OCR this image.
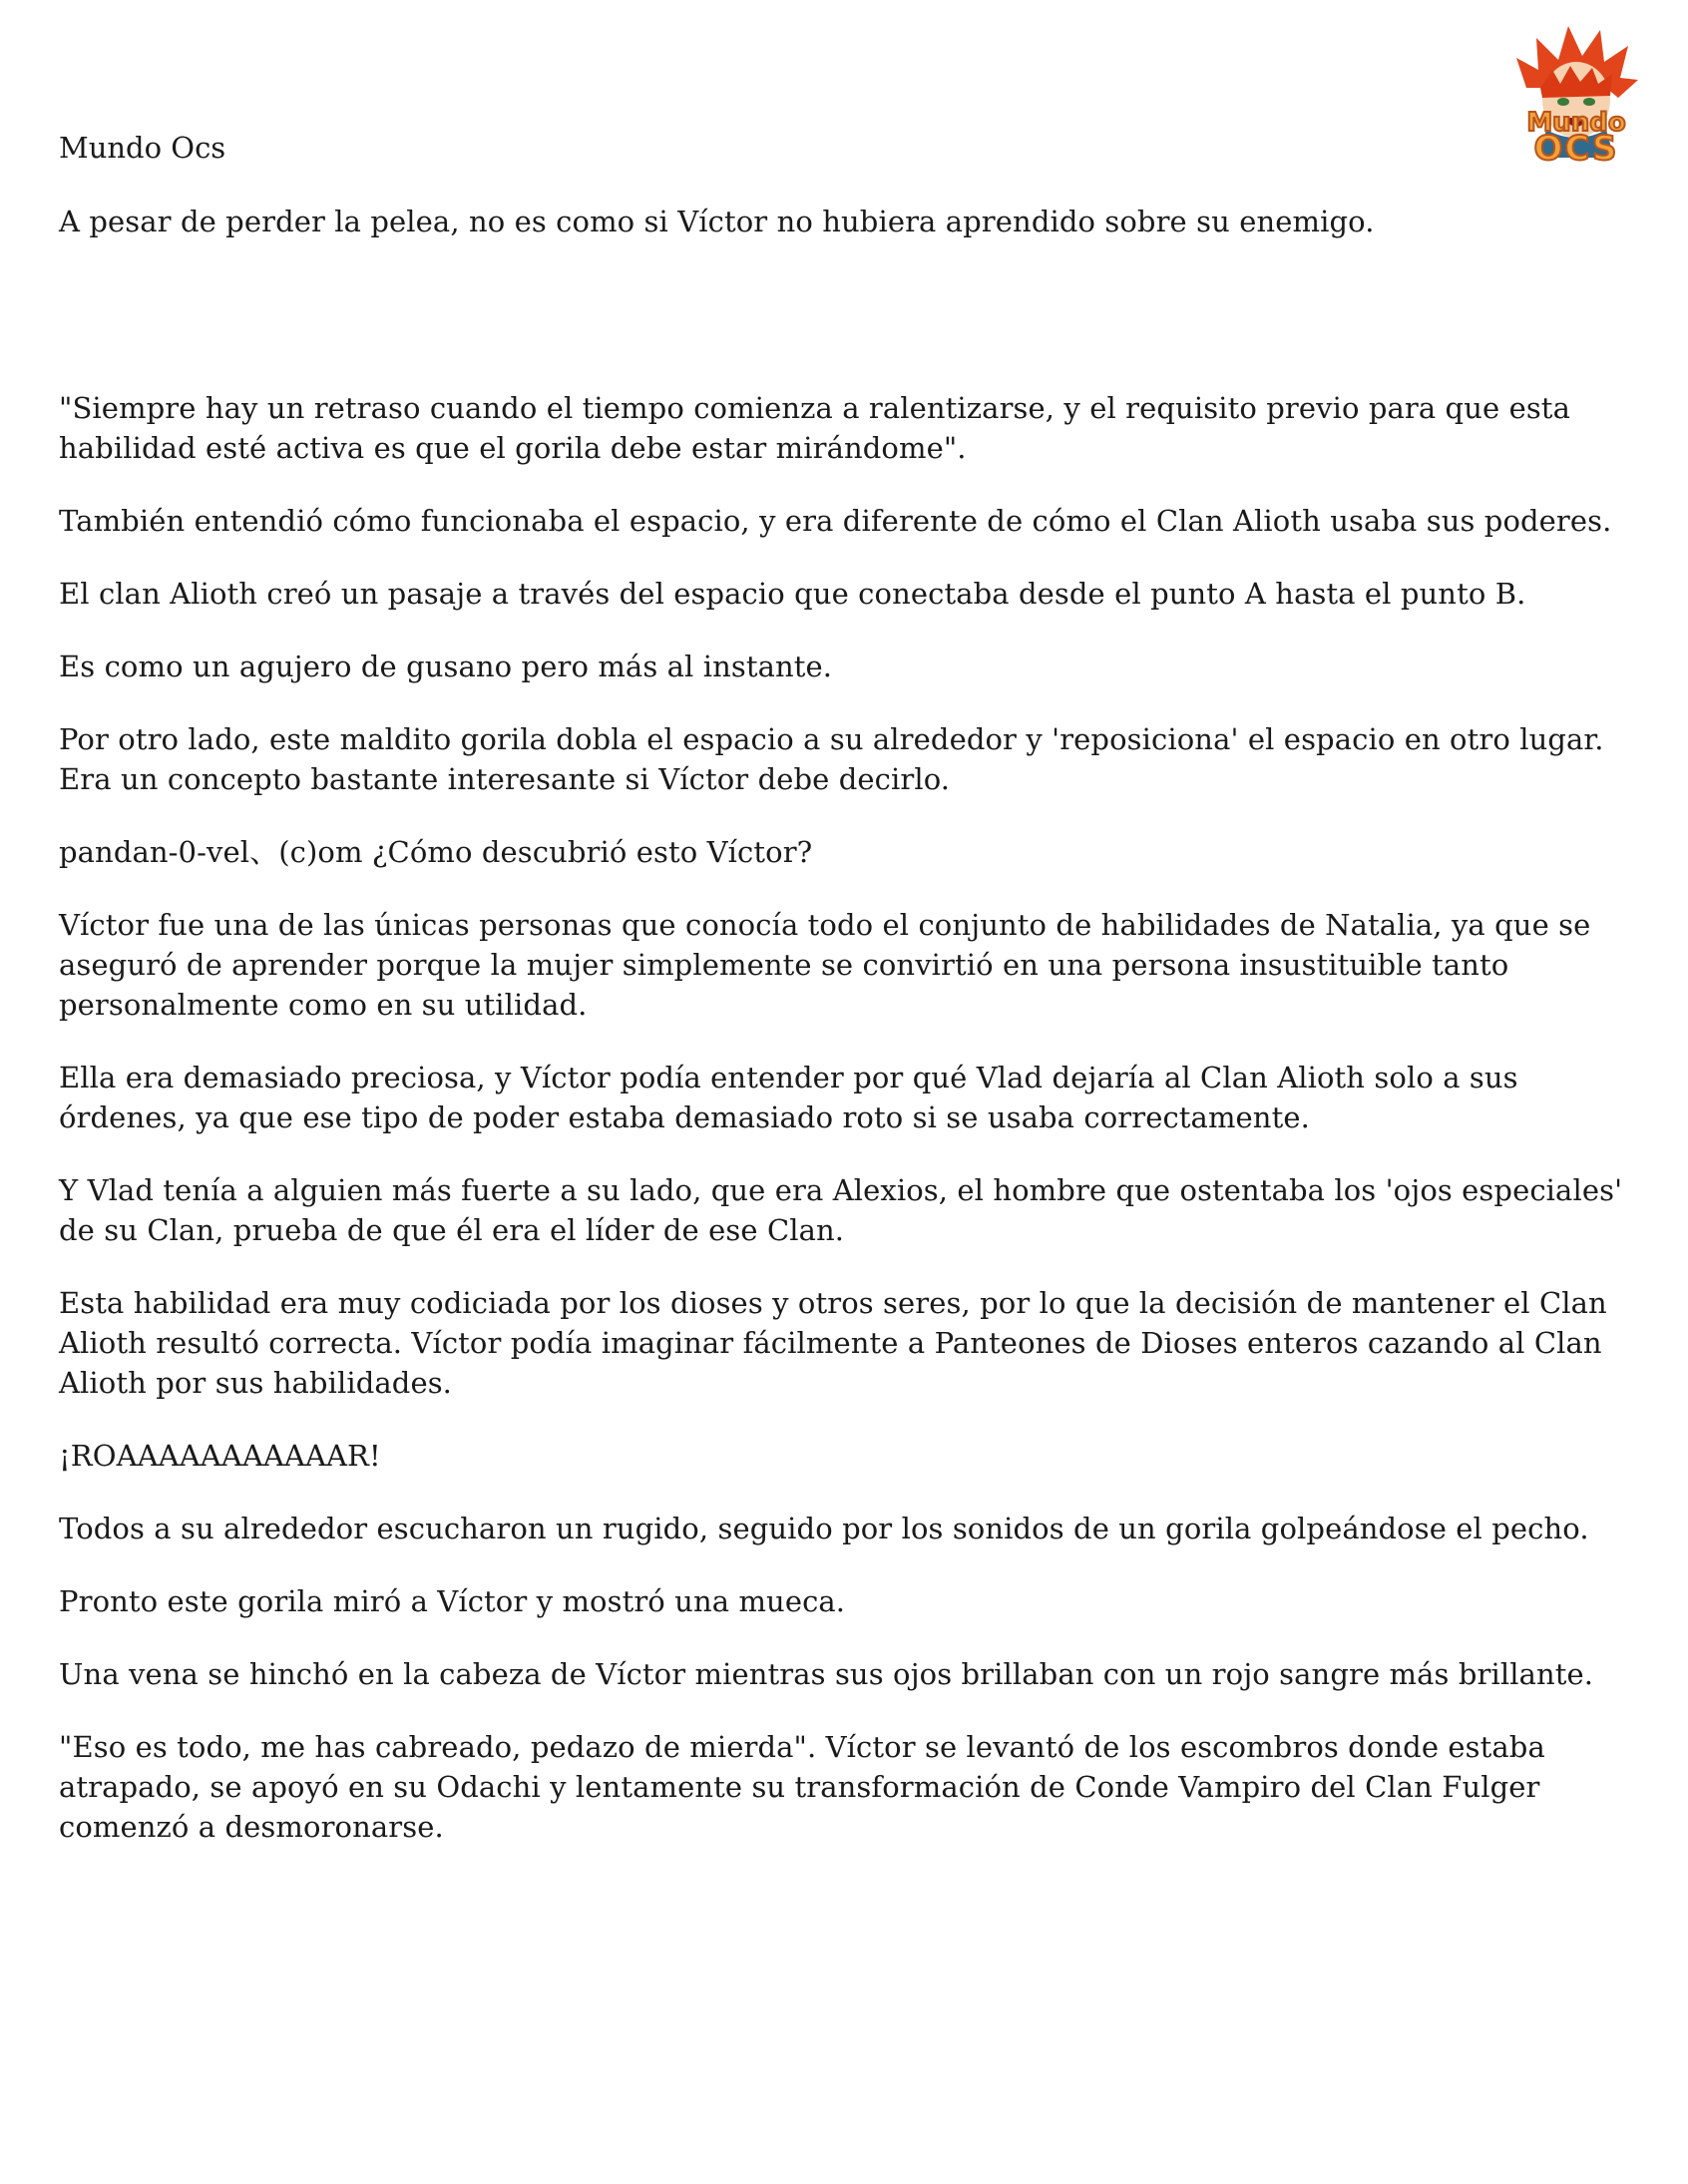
Mundo Ocs

Mundo
OCS

A pesar de perder la pelea, no es como si Víctor no hubiera aprendido sobre su enemigo.

"Siempre hay un retraso cuando el tiempo comienza a ralentizarse, y el requisito previo para que esta habilidad esté activa es que el gorila debe estar mirándome".

También entendió cómo funcionaba el espacio, y era diferente de cómo el Clan Alioth usaba sus poderes.

El clan Alioth creó un pasaje a través del espacio que conectaba desde el punto A hasta el punto B.

Es como un agujero de gusano pero más al instante.

Por otro lado, este maldito gorila dobla el espacio a su alrededor y 'reposiciona' el espacio en otro lugar. Era un concepto bastante interesante si Víctor debe decirlo.

pandan-0-vel、(c)om ¿Cómo descubrió esto Víctor?

Víctor fue una de las únicas personas que conocía todo el conjunto de habilidades de Natalia, ya que se aseguró de aprender porque la mujer simplemente se convirtió en una persona insustituible tanto personalmente como en su utilidad.

Ella era demasiado preciosa, y Víctor podía entender por qué Vlad dejaría al Clan Alioth solo a sus órdenes, ya que ese tipo de poder estaba demasiado roto si se usaba correctamente.

Y Vlad tenía a alguien más fuerte a su lado, que era Alexios, el hombre que ostentaba los 'ojos especiales' de su Clan, prueba de que él era el líder de ese Clan.

Esta habilidad era muy codiciada por los dioses y otros seres, por lo que la decisión de mantener el Clan Alioth resultó correcta. Víctor podía imaginar fácilmente a Panteones de Dioses enteros cazando al Clan Alioth por sus habilidades.

¡ROAAAAAAAAAAAR!

Todos a su alrededor escucharon un rugido, seguido por los sonidos de un gorila golpeándose el pecho.

Pronto este gorila miró a Víctor y mostró una mueca.

Una vena se hinchó en la cabeza de Víctor mientras sus ojos brillaban con un rojo sangre más brillante.

"Eso es todo, me has cabreado, pedazo de mierda". Víctor se levantó de los escombros donde estaba atrapado, se apoyó en su Odachi y lentamente su transformación de Conde Vampiro del Clan Fulger comenzó a desmoronarse.
